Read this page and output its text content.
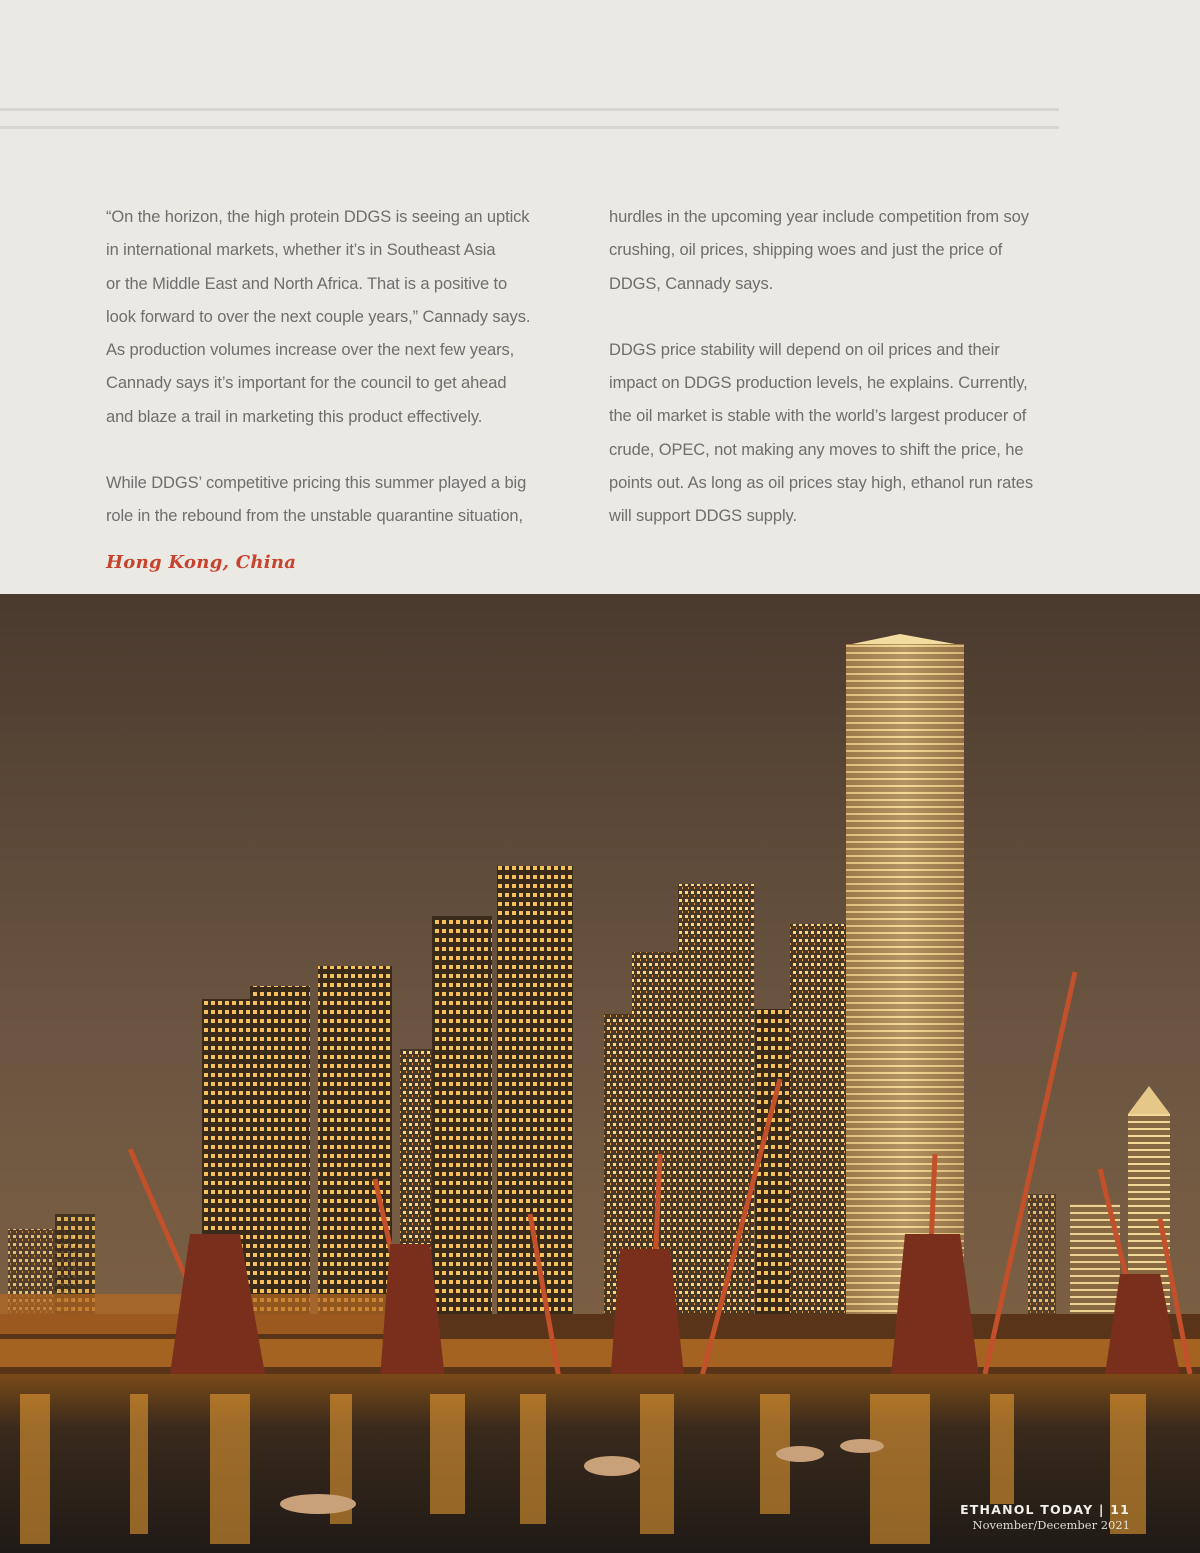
“On the horizon, the high protein DDGS is seeing an uptick
in international markets, whether it’s in Southeast Asia
or the Middle East and North Africa. That is a positive to
look forward to over the next couple years,” Cannady says.
As production volumes increase over the next few years,
Cannady says it’s important for the council to get ahead
and blaze a trail in marketing this product effectively.

While DDGS’ competitive pricing this summer played a big
role in the rebound from the unstable quarantine situation,

hurdles in the upcoming year include competition from soy
crushing, oil prices, shipping woes and just the price of
DDGS, Cannady says.

DDGS price stability will depend on oil prices and their
impact on DDGS production levels, he explains. Currently,
the oil market is stable with the world’s largest producer of
crude, OPEC, not making any moves to shift the price, he
points out. As long as oil prices stay high, ethanol run rates
will support DDGS supply.

Hong Kong, China
ETHANOL TODAY | 11
November/December 2021
